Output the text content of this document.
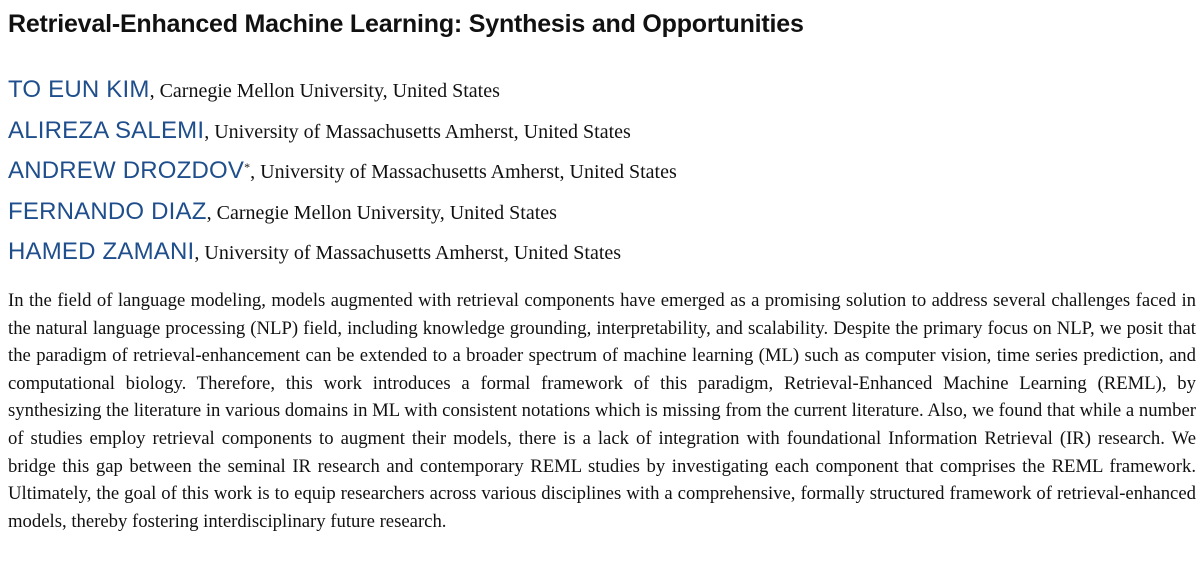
Retrieval-Enhanced Machine Learning: Synthesis and Opportunities
TO EUN KIM, Carnegie Mellon University, United States
ALIREZA SALEMI, University of Massachusetts Amherst, United States
ANDREW DROZDOV*, University of Massachusetts Amherst, United States
FERNANDO DIAZ, Carnegie Mellon University, United States
HAMED ZAMANI, University of Massachusetts Amherst, United States

In the field of language modeling, models augmented with retrieval components have emerged as a promising solution to address several challenges faced in the natural language processing (NLP) field, including knowledge grounding, interpretability, and scalability. Despite the primary focus on NLP, we posit that the paradigm of retrieval-enhancement can be extended to a broader spectrum of machine learning (ML) such as computer vision, time series prediction, and computational biology. Therefore, this work introduces a formal framework of this paradigm, Retrieval-Enhanced Machine Learning (REML), by synthesizing the literature in various domains in ML with consistent notations which is missing from the current literature. Also, we found that while a number of studies employ retrieval components to augment their models, there is a lack of integration with foundational Information Retrieval (IR) research. We bridge this gap between the seminal IR research and contemporary REML studies by investigating each component that comprises the REML framework. Ultimately, the goal of this work is to equip researchers across various disciplines with a comprehensive, formally structured framework of retrieval-enhanced models, thereby fostering interdisciplinary future research.
